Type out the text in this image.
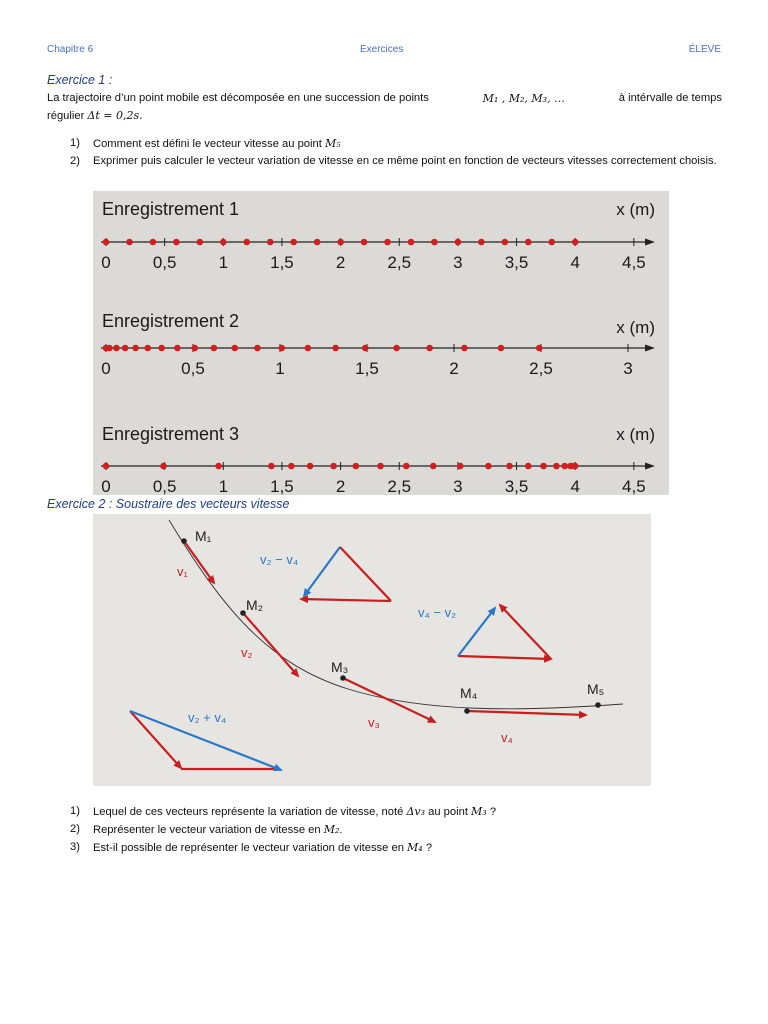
Chapitre 6	Exercices	ÉLEVE
Exercice 1 :
La trajectoire d’un point mobile est décomposée en une succession de points	M₁ , M₂, M₃, …	à intérvalle de temps
régulier Δt = 0,2s.
1)	Comment est défini le vecteur vitesse au point M₅
2)	Exprimer puis calculer le vecteur variation de vitesse en ce même point en fonction de vecteurs vitesses correctement choisis.
Enregistrement 1	x (m)
0 0,5 1 1,5 2 2,5 3 3,5 4 4,5
Enregistrement 2	x (m)
0	0,5	1	1,5	2	2,5	3
Enregistrement 3	x (m)
0 0,5 1 1,5 2 2,5 3 3,5 4 4,5
Exercice 2 : Soustraire des vecteurs vitesse
M₁
M₂
M₃
M₄	M₅
v₁
v₂
v₃
v₄
v₂ − v₄
v₄ − v₂
v₂ + v₄
1)	Lequel de ces vecteurs représente la variation de vitesse, noté Δv₃ au point M₃ ?
2)	Représenter le vecteur variation de vitesse en M₂.
3)	Est-il possible de représenter le vecteur variation de vitesse en M₄ ?
